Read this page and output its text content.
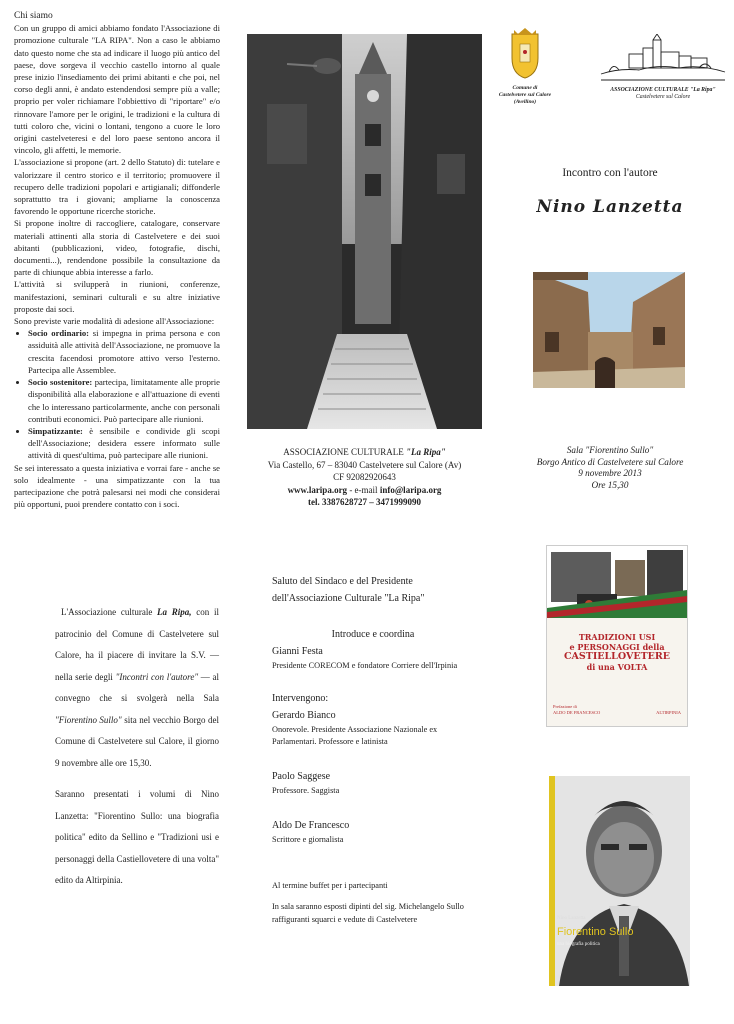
Chi siamo

Con un gruppo di amici abbiamo fondato l'Associazione di promozione culturale "LA RIPA". Non a caso le abbiamo dato questo nome che sta ad indicare il luogo più antico del paese, dove sorgeva il vecchio castello intorno al quale prese inizio l'insediamento dei primi abitanti e che poi, nel corso degli anni, è andato estendendosi sempre più a valle; proprio per voler richiamare l'obbiettivo di "riportare" e/o rinnovare l'amore per le origini, le tradizioni e la cultura di tutti coloro che, vicini o lontani, tengono a cuore le loro origini castelveteresi e del loro paese sentono ancora il vincolo, gli affetti, le memorie.

L'associazione si propone (art. 2 dello Statuto) di: tutelare e valorizzare il centro storico e il territorio; promuovere il recupero delle tradizioni popolari e artigianali; diffonderle soprattutto tra i giovani; ampliarne la conoscenza favorendo le opportune ricerche storiche.

Si propone inoltre di raccogliere, catalogare, conservare materiali attinenti alla storia di Castelvetere e dei suoi abitanti (pubblicazioni, video, fotografie, dischi, documenti...), rendendone possibile la consultazione da parte di chiunque abbia interesse a farlo.

L'attività si svilupperà in riunioni, conferenze, manifestazioni, seminari culturali e su altre iniziative proposte dai soci.

Sono previste varie modalità di adesione all'Associazione:

• Socio ordinario: si impegna in prima persona e con assiduità alle attività dell'Associazione, ne promuove la crescita facendosi promotore attivo verso l'esterno. Partecipa alle Assemblee.
• Socio sostenitore: partecipa, limitatamente alle proprie disponibilità alla elaborazione e all'attuazione di eventi che lo interessano particolarmente, anche con personali contributi economici. Può partecipare alle riunioni.
• Simpatizzante: è sensibile e condivide gli scopi dell'Associazione; desidera essere informato sulle attività di quest'ultima, può partecipare alle riunioni.

Se sei interessato a questa iniziativa e vorrai fare - anche se solo idealmente - una simpatizzante con la tua partecipazione che potrà palesarsi nei modi che considerai più opportuni, puoi prendere contatto con i soci.

ASSOCIAZIONE CULTURALE "La Ripa"
Via Castello, 67 – 83040 Castelvetere sul Calore (Av)
CF 92082920643
www.laripa.org - e-mail info@laripa.org
tel. 3387628727 – 3471999090
Comune di
Castelvetere sul Calore
(Avellino)
ASSOCIAZIONE CULTURALE "La Ripa"
Castelvetere sul Calore
Incontro con l'autore
Nino Lanzetta
Sala "Fiorentino Sullo"
Borgo Antico di Castelvetere sul Calore
9 novembre 2013
Ore 15,30

L'Associazione culturale La Ripa, con il patrocinio del Comune di Castelvetere sul Calore, ha il piacere di invitare la S.V. — nella serie degli "Incontri con l'autore" — al convegno che si svolgerà nella Sala "Fiorentino Sullo" sita nel vecchio Borgo del Comune di Castelvetere sul Calore, il giorno 9 novembre alle ore 15,30.

Saranno presentati i volumi di Nino Lanzetta: "Fiorentino Sullo: una biografia politica" edito da Sellino e "Tradizioni usi e personaggi della Castiellovetere di una volta" edito da Altirpinia.

Saluto del Sindaco e del Presidente

dell'Associazione Culturale "La Ripa"

Introduce e coordina

Gianni Festa

Presidente CORECOM e fondatore Corriere dell'Irpinia

Intervengono:

Gerardo Bianco

Onorevole. Presidente Associazione Nazionale ex Parlamentari. Professore e latinista

Paolo Saggese

Professore. Saggista

Aldo De Francesco

Scrittore e giornalista

Al termine buffet per i partecipanti

In sala saranno esposti dipinti del sig. Michelangelo Sullo raffiguranti squarci e vedute di Castelvetere

TRADIZIONI USI
e PERSONAGGI della
CASTIELLOVETERE
di una VOLTA
Prefazione di
ALDO DE FRANCESCO	ALTIRPINIA
Nino Lanzetta
Fiorentino Sullo
una biografia politica
